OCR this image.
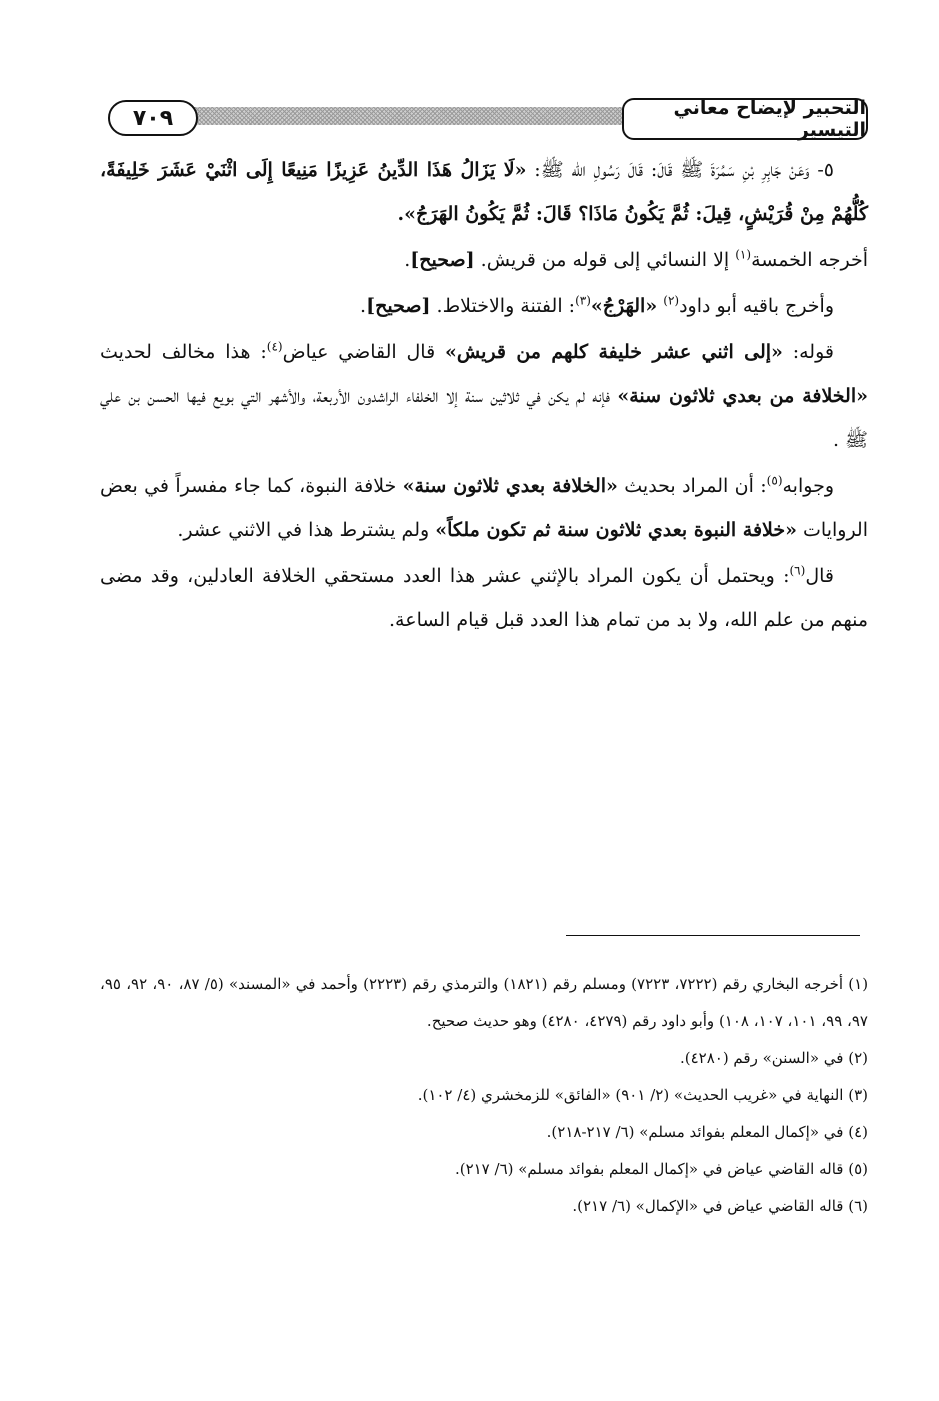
٧٠٩	التحبير لإيضاح معاني التيسير

٥- وَعَنْ جَابِرِ بْنِ سَمُرَةَ ﷺ قَالَ: قَالَ رَسُولِ الله ﷺ: «لَا يَزَالُ هَذَا الدِّينُ عَزِيزًا مَنِيعًا إِلَى اثْنَيْ عَشَرَ خَلِيفَةً، كُلُّهُمْ مِنْ قُرَيْشٍ، قِيلَ: ثُمَّ يَكُونُ مَاذَا؟ قَالَ: ثُمَّ يَكُونُ الهَرَجُ».

أخرجه الخمسة$^{(١)}$ إلا النسائي إلى قوله من قريش. [صحيح].

وأخرج باقيه أبو داود$^{(٢)}$ «الهَرْجُ»$^{(٣)}$: الفتنة والاختلاط. [صحيح].

قوله: «إلى اثني عشر خليفة كلهم من قريش» قال القاضي عياض$^{(٤)}$: هذا مخالف لحديث «الخلافة من بعدي ثلاثون سنة» فإنه لم يكن في ثلاثين سنة إلا الخلفاء الراشدون الأربعة، والأشهر التي بويع فيها الحسن بن علي ﷺ .

وجوابه$^{(٥)}$: أن المراد بحديث «الخلافة بعدي ثلاثون سنة» خلافة النبوة، كما جاء مفسراً في بعض الروايات «خلافة النبوة بعدي ثلاثون سنة ثم تكون ملكاً» ولم يشترط هذا في الاثني عشر.

قال$^{(٦)}$: ويحتمل أن يكون المراد بالإثني عشر هذا العدد مستحقي الخلافة العادلين، وقد مضى منهم من علم الله، ولا بد من تمام هذا العدد قبل قيام الساعة.

(١) أخرجه البخاري رقم (٧٢٢٢، ٧٢٢٣) ومسلم رقم (١٨٢١) والترمذي رقم (٢٢٢٣) وأحمد في «المسند» (٥/ ٨٧، ٩٠، ٩٢، ٩٥، ٩٧، ٩٩، ١٠١، ١٠٧، ١٠٨) وأبو داود رقم (٤٢٧٩، ٤٢٨٠) وهو حديث صحيح.

(٢) في «السنن» رقم (٤٢٨٠).

(٣) النهاية في «غريب الحديث» (٢/ ٩٠١) «الفائق» للزمخشري (٤/ ١٠٢).

(٤) في «إكمال المعلم بفوائد مسلم» (٦/ ٢١٧-٢١٨).

(٥) قاله القاضي عياض في «إكمال المعلم بفوائد مسلم» (٦/ ٢١٧).

(٦) قاله القاضي عياض في «الإكمال» (٦/ ٢١٧).
